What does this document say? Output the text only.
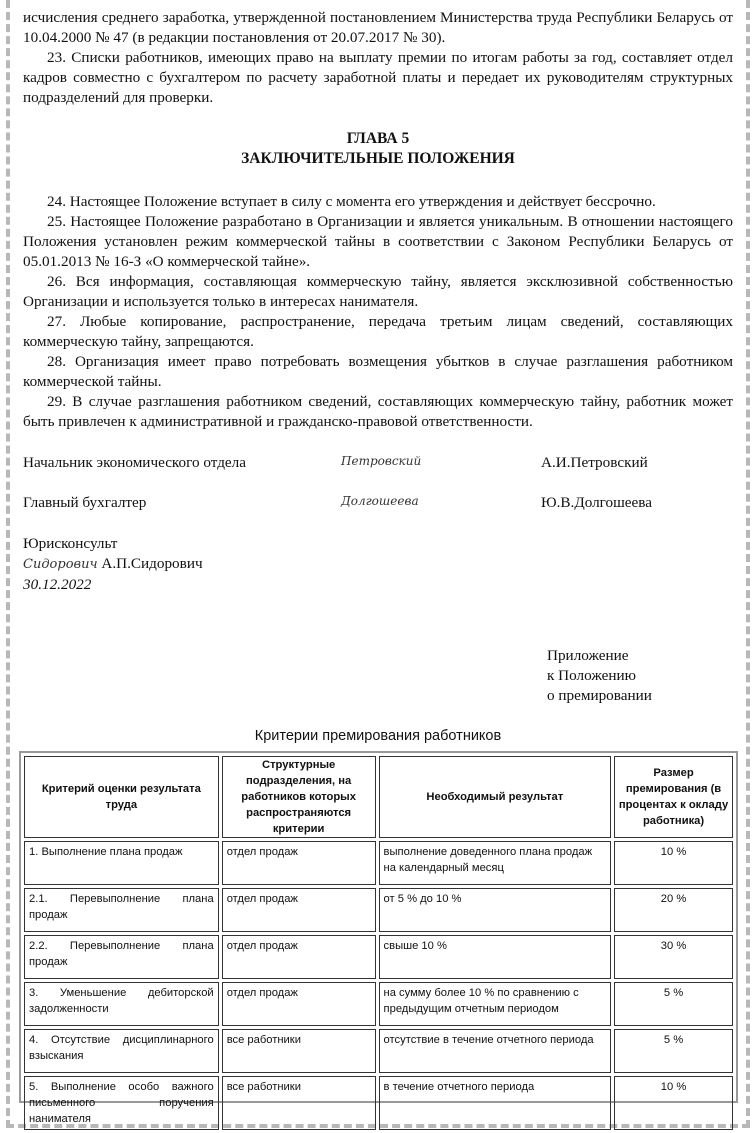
исчисления среднего заработка, утвержденной постановлением Министерства труда Республики Беларусь от 10.04.2000 № 47 (в редакции постановления от 20.07.2017 № 30).

23. Списки работников, имеющих право на выплату премии по итогам работы за год, составляет отдел кадров совместно с бухгалтером по расчету заработной платы и передает их руководителям структурных подразделений для проверки.

ГЛАВА 5
ЗАКЛЮЧИТЕЛЬНЫЕ ПОЛОЖЕНИЯ

24. Настоящее Положение вступает в силу с момента его утверждения и действует бессрочно.

25. Настоящее Положение разработано в Организации и является уникальным. В отношении настоящего Положения установлен режим коммерческой тайны в соответствии с Законом Республики Беларусь от 05.01.2013 № 16-З «О коммерческой тайне».

26. Вся информация, составляющая коммерческую тайну, является эксклюзивной собственностью Организации и используется только в интересах нанимателя.

27. Любые копирование, распространение, передача третьим лицам сведений, составляющих коммерческую тайну, запрещаются.

28. Организация имеет право потребовать возмещения убытков в случае разглашения работником коммерческой тайны.

29. В случае разглашения работником сведений, составляющих коммерческую тайну, работник может быть привлечен к административной и гражданско-правовой ответственности.

Начальник экономического отдела	Петровский	А.И.Петровский
Главный бухгалтер	Долгошеева	Ю.В.Долгошеева
Юрисконсульт
Сидорович А.П.Сидорович
30.12.2022
Приложение
к Положению
о премировании
Критерии премирования работников
Критерий оценки результата труда	Структурные подразделения, на работников которых распространяются критерии	Необходимый результат	Размер премирования (в процентах к окладу работника)
1. Выполнение плана продаж	отдел продаж	выполнение доведенного плана продаж на календарный месяц	10 %
2.1. Перевыполнение плана продаж	отдел продаж	от 5 % до 10 %	20 %
2.2. Перевыполнение плана продаж	отдел продаж	свыше 10 %	30 %
3. Уменьшение дебиторской задолженности	отдел продаж	на сумму более 10 % по сравнению с предыдущим отчетным периодом	5 %
4. Отсутствие дисциплинарного взыскания	все работники	отсутствие в течение отчетного периода	5 %
5. Выполнение особо важного письменного поручения нанимателя	все работники	в течение отчетного периода	10 %
